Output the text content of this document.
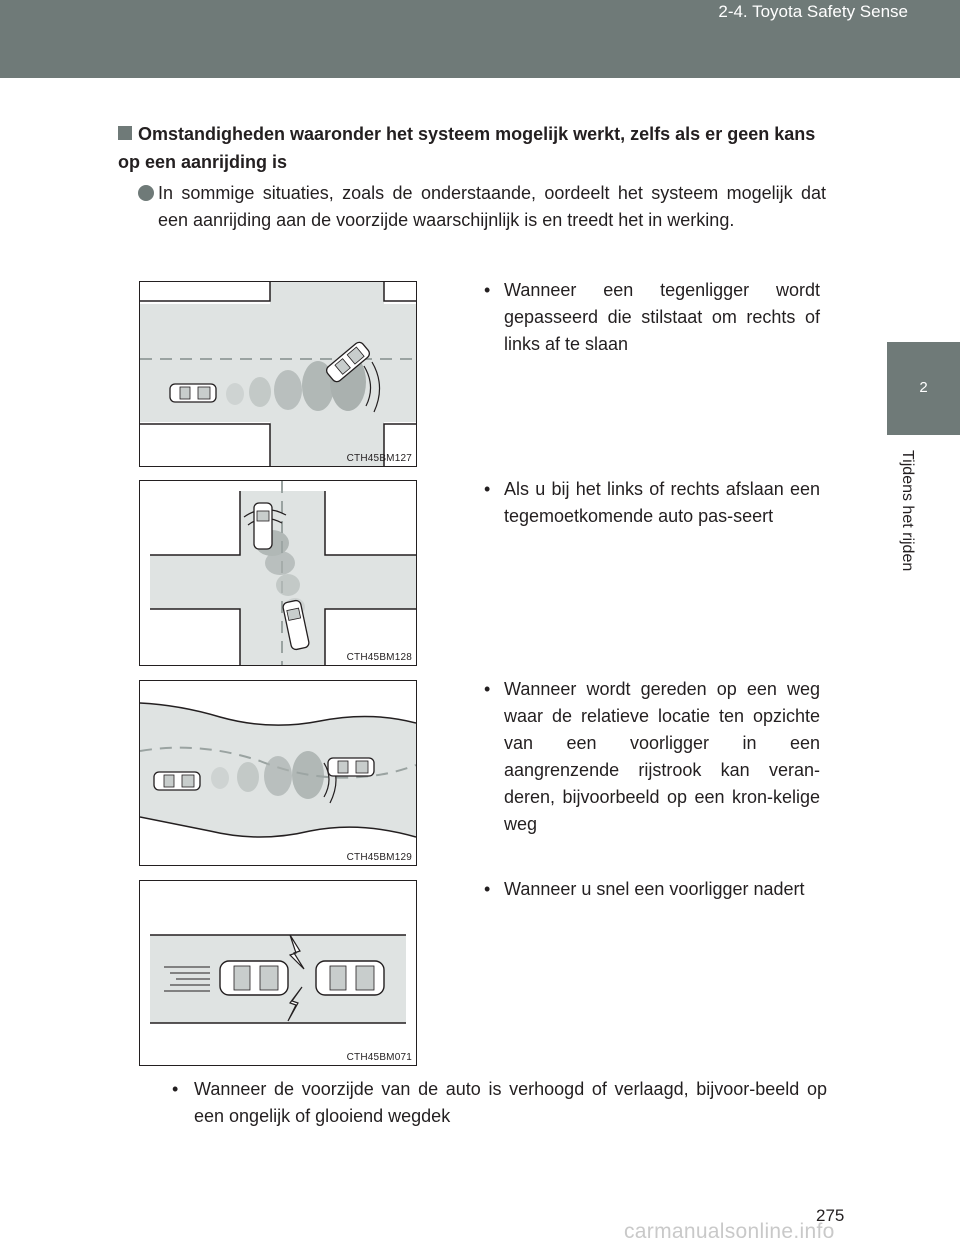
2-4. Toyota Safety Sense
2
Tijdens het rijden
Omstandigheden waaronder het systeem mogelijk werkt, zelfs als er geen kans op een aanrijding is

In sommige situaties, zoals de onderstaande, oordeelt het systeem mogelijk dat een aanrijding aan de voorzijde waarschijnlijk is en treedt het in werking.

CTH45BM127
• Wanneer een tegenligger wordt gepasseerd die stilstaat om rechts of links af te slaan

CTH45BM128
• Als u bij het links of rechts afslaan een tegemoetkomende auto pas-seert

CTH45BM129
• Wanneer wordt gereden op een weg waar de relatieve locatie ten opzichte van een voorligger in een aangrenzende rijstrook kan veran-deren, bijvoorbeeld op een kron-kelige weg

CTH45BM071
• Wanneer u snel een voorligger nadert

• Wanneer de voorzijde van de auto is verhoogd of verlaagd, bijvoor-beeld op een ongelijk of glooiend wegdek

275
carmanualsonline.info
